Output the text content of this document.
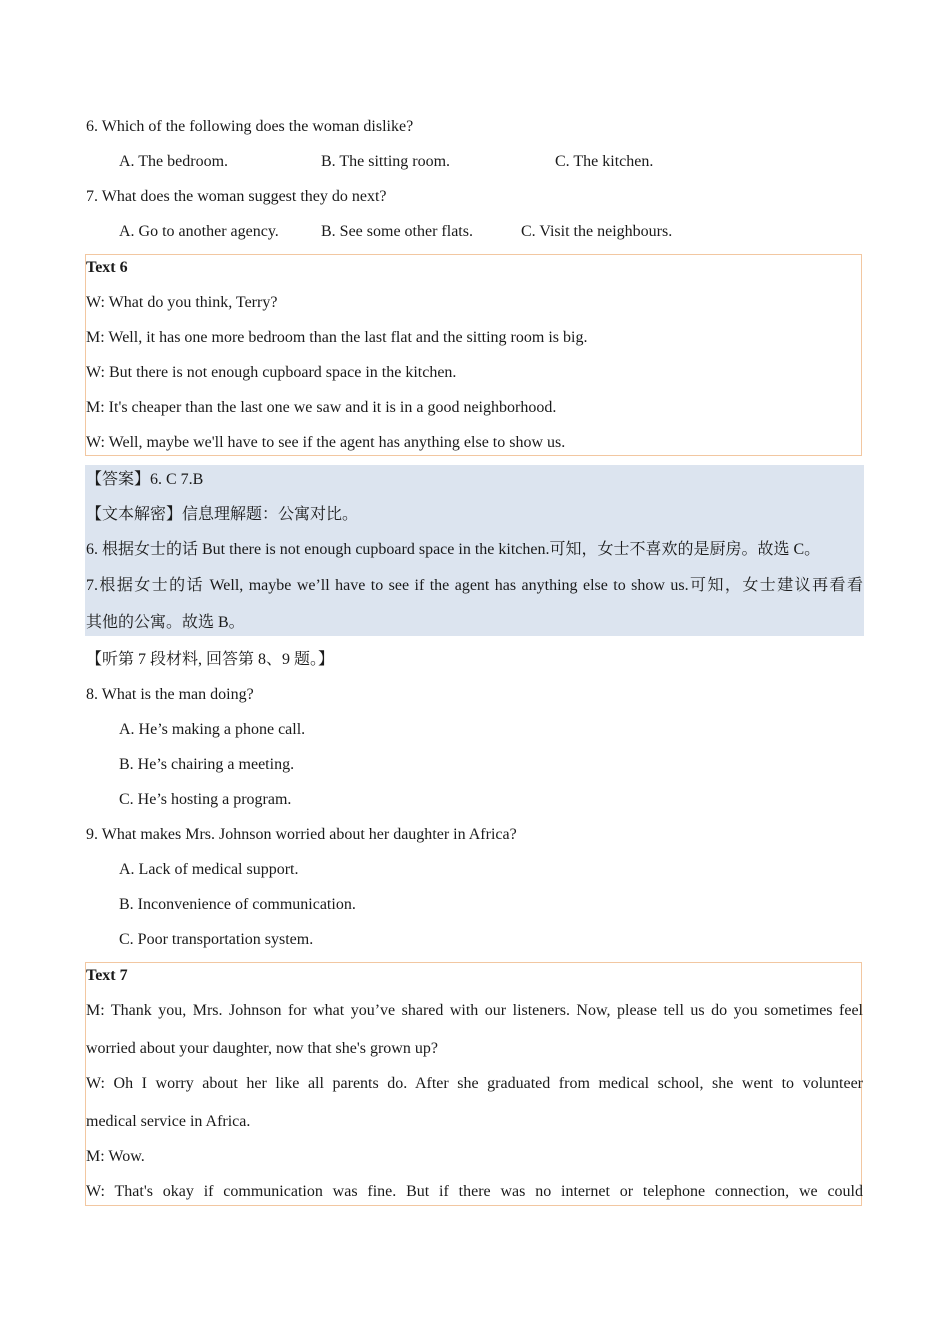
6. Which of the following does the woman dislike?
A. The bedroom.	B. The sitting room.	C. The kitchen.
7. What does the woman suggest they do next?
A. Go to another agency.	B. See some other flats.	C. Visit the neighbours.
Text 6
W: What do you think, Terry?
M: Well, it has one more bedroom than the last flat and the sitting room is big.
W: But there is not enough cupboard space in the kitchen.
M: It's cheaper than the last one we saw and it is in a good neighborhood.
W: Well, maybe we'll have to see if the agent has anything else to show us.
【答案】6. C 7.B
【文本解密】信息理解题：公寓对比。
6. 根据女士的话 But there is not enough cupboard space in the kitchen.可知，女士不喜欢的是厨房。故选 C。
7.根据女士的话 Well, maybe we’ll have to see if the agent has anything else to show us.可知，女士建议再看看
其他的公寓。故选 B。
【听第 7 段材料, 回答第 8、9 题。】
8. What is the man doing?
A. He’s making a phone call.
B. He’s chairing a meeting.
C. He’s hosting a program.
9. What makes Mrs. Johnson worried about her daughter in Africa?
A. Lack of medical support.
B. Inconvenience of communication.
C. Poor transportation system.
Text 7
M: Thank you, Mrs. Johnson for what you’ve shared with our listeners. Now, please tell us do you sometimes feel
worried about your daughter, now that she's grown up?
W: Oh I worry about her like all parents do. After she graduated from medical school, she went to volunteer
medical service in Africa.
M: Wow.
W: That's okay if communication was fine. But if there was no internet or telephone connection, we could
